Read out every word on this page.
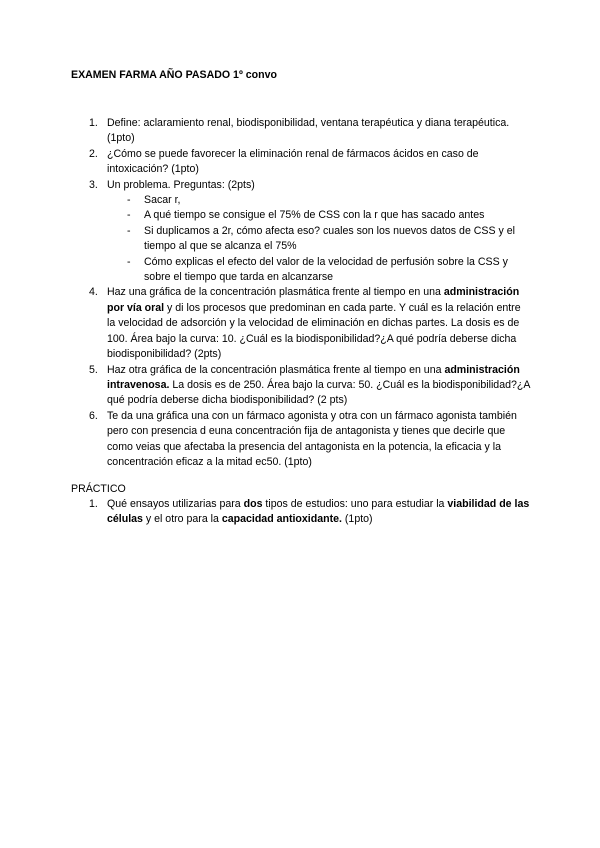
EXAMEN FARMA AÑO PASADO 1º convo
1. Define: aclaramiento renal, biodisponibilidad, ventana terapéutica y diana terapéutica. (1pto)
2. ¿Cómo se puede favorecer la eliminación renal de fármacos ácidos en caso de intoxicación? (1pto)
3. Un problema. Preguntas: (2pts)
- Sacar r,
- A qué tiempo se consigue el 75% de CSS con la r que has sacado antes
- Si duplicamos a 2r, cómo afecta eso? cuales son los nuevos datos de CSS y el tiempo al que se alcanza el 75%
- Cómo explicas el efecto del valor de la velocidad de perfusión sobre la CSS y sobre el tiempo que tarda en alcanzarse
4. Haz una gráfica de la concentración plasmática frente al tiempo en una administración por vía oral y di los procesos que predominan en cada parte. Y cuál es la relación entre la velocidad de adsorción y la velocidad de eliminación en dichas partes. La dosis es de 100. Área bajo la curva: 10. ¿Cuál es la biodisponibilidad?¿A qué podría deberse dicha biodisponibilidad? (2pts)
5. Haz otra gráfica de la concentración plasmática frente al tiempo en una administración intravenosa. La dosis es de 250. Área bajo la curva: 50. ¿Cuál es la biodisponibilidad?¿A qué podría deberse dicha biodisponibilidad? (2 pts)
6. Te da una gráfica una con un fármaco agonista y otra con un fármaco agonista también pero con presencia d euna concentración fija de antagonista y tienes que decirle que como veias que afectaba la presencia del antagonista en la potencia, la eficacia y la concentración eficaz a la mitad ec50. (1pto)
PRÁCTICO
1. Qué ensayos utilizarias para dos tipos de estudios: uno para estudiar la viabilidad de las células y el otro para la capacidad antioxidante. (1pto)
